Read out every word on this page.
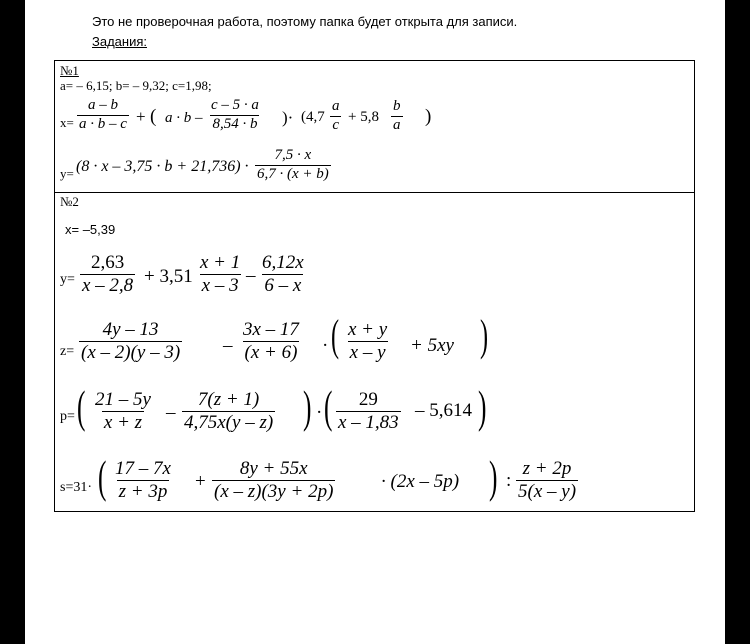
Это не проверочная работа, поэтому папка будет открыта для записи.
Задания:
№1
a= – 6,15; b= – 9,32; c=1,98;
$x= \frac{a - b}{a \cdot b - c}$ + ( $a \cdot b - \frac{c - 5 \cdot a}{8,54 \cdot b}$ )· ($4,7 \frac{a}{c} + 5,8 \frac{b}{a}$ )
$y= (8 \cdot x - 3,75 \cdot b + 21,736) \cdot \frac{7,5 \cdot x}{6,7 \cdot (x + b)}$
№2
x= –5,39
$y= \frac{2,63}{x - 2,8} + 3,51 \frac{x + 1}{x - 3} - \frac{6,12x}{6 - x}$
$z= \frac{4y - 13}{(x - 2)(y - 3)} - \frac{3x - 17}{(x + 6)}$ · ( $\frac{x + y}{x - y} + 5xy$ )
p= ( $\frac{21 - 5y}{x + z} - \frac{7(z + 1)}{4,75x(y - z)}$ ) · ( $\frac{29}{x - 1,83} - 5,614$ )
s=31· ( $\frac{17 - 7x}{z + 3p} + \frac{8y + 55x}{(x - z)(3y + 2p)} \cdot (2x - 5p)$ ) : $\frac{z + 2p}{5(x - y)}$
